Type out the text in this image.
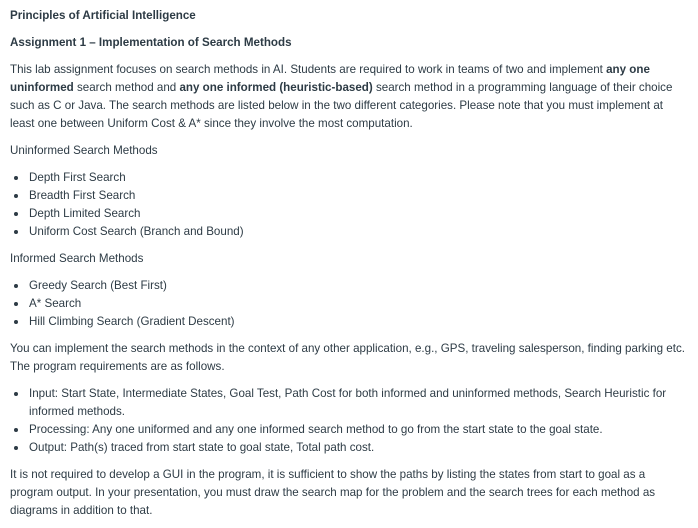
Principles of Artificial Intelligence

Assignment 1 – Implementation of Search Methods

This lab assignment focuses on search methods in AI. Students are required to work in teams of two and implement any one uninformed search method and any one informed (heuristic-based) search method in a programming language of their choice such as C or Java. The search methods are listed below in the two different categories. Please note that you must implement at least one between Uniform Cost & A* since they involve the most computation.

Uninformed Search Methods

Depth First Search
Breadth First Search
Depth Limited Search
Uniform Cost Search (Branch and Bound)

Informed Search Methods

Greedy Search (Best First)
A* Search
Hill Climbing Search (Gradient Descent)

You can implement the search methods in the context of any other application, e.g., GPS, traveling salesperson, finding parking etc. The program requirements are as follows.

Input: Start State, Intermediate States, Goal Test, Path Cost for both informed and uninformed methods, Search Heuristic for informed methods.
Processing: Any one uniformed and any one informed search method to go from the start state to the goal state.
Output: Path(s) traced from start state to goal state, Total path cost.

It is not required to develop a GUI in the program, it is sufficient to show the paths by listing the states from start to goal as a program output. In your presentation, you must draw the search map for the problem and the search trees for each method as diagrams in addition to that.
